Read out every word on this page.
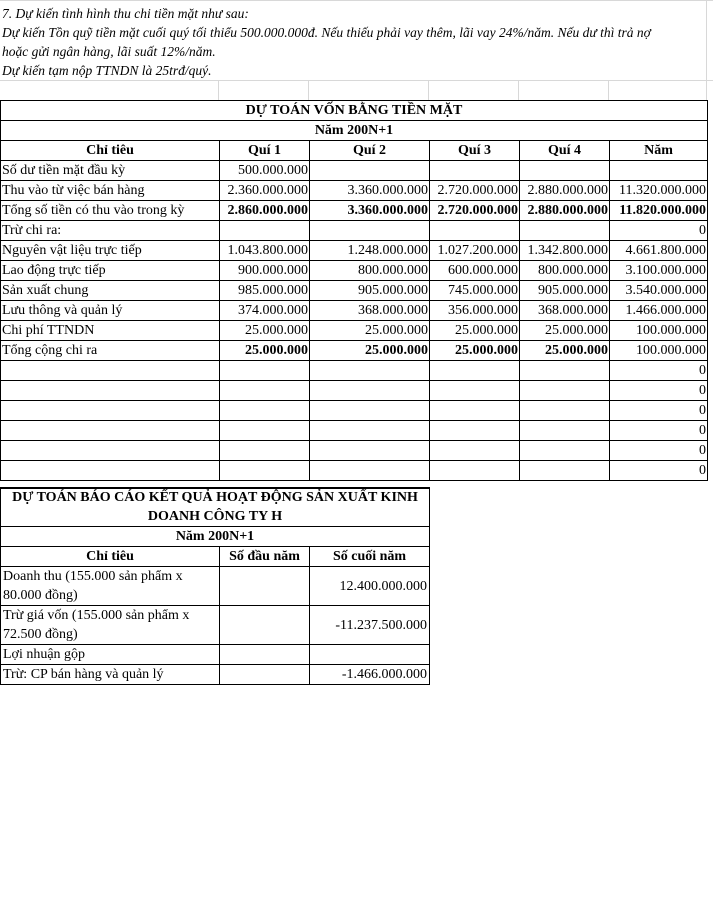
7. Dự kiến tình hình thu chi tiền mặt như sau:
Dự kiến Tồn quỹ tiền mặt cuối quý tối thiểu 500.000.000đ. Nếu thiếu phải vay thêm, lãi vay 24%/năm. Nếu dư thì trả nợ
hoặc gửi ngân hàng, lãi suất 12%/năm.
Dự kiến tạm nộp TTNDN là 25trđ/quý.
DỰ TOÁN VỐN BẰNG TIỀN MẶT					
Năm 200N+1					
Chỉ tiêu	Quí 1	Quí 2	Quí 3	Quí 4	Năm
Số dư tiền mặt đầu kỳ	500.000.000				
Thu vào từ việc bán hàng	2.360.000.000	3.360.000.000	2.720.000.000	2.880.000.000	11.320.000.000
Tổng số tiền có thu vào trong kỳ	2.860.000.000	3.360.000.000	2.720.000.000	2.880.000.000	11.820.000.000
Trừ chi ra:					0
Nguyên vật liệu trực tiếp	1.043.800.000	1.248.000.000	1.027.200.000	1.342.800.000	4.661.800.000
Lao động trực tiếp	900.000.000	800.000.000	600.000.000	800.000.000	3.100.000.000
Sản xuất chung	985.000.000	905.000.000	745.000.000	905.000.000	3.540.000.000
Lưu thông và quản lý	374.000.000	368.000.000	356.000.000	368.000.000	1.466.000.000
Chi phí TTNDN	25.000.000	25.000.000	25.000.000	25.000.000	100.000.000
Tổng cộng chi ra	25.000.000	25.000.000	25.000.000	25.000.000	100.000.000
					0
					0
					0
					0
					0
					0
DỰ TOÁN BÁO CÁO KẾT QUẢ HOẠT ĐỘNG SẢN XUẤT KINH		
DOANH CÔNG TY H		
Năm 200N+1		
Chỉ tiêu	Số đầu năm	Số cuối năm
Doanh thu (155.000 sản phẩm x 80.000 đồng)		12.400.000.000
Trừ giá vốn (155.000 sản phẩm x 72.500 đồng)		-11.237.500.000
Lợi nhuận gộp		
Trừ: CP bán hàng và quản lý		-1.466.000.000
